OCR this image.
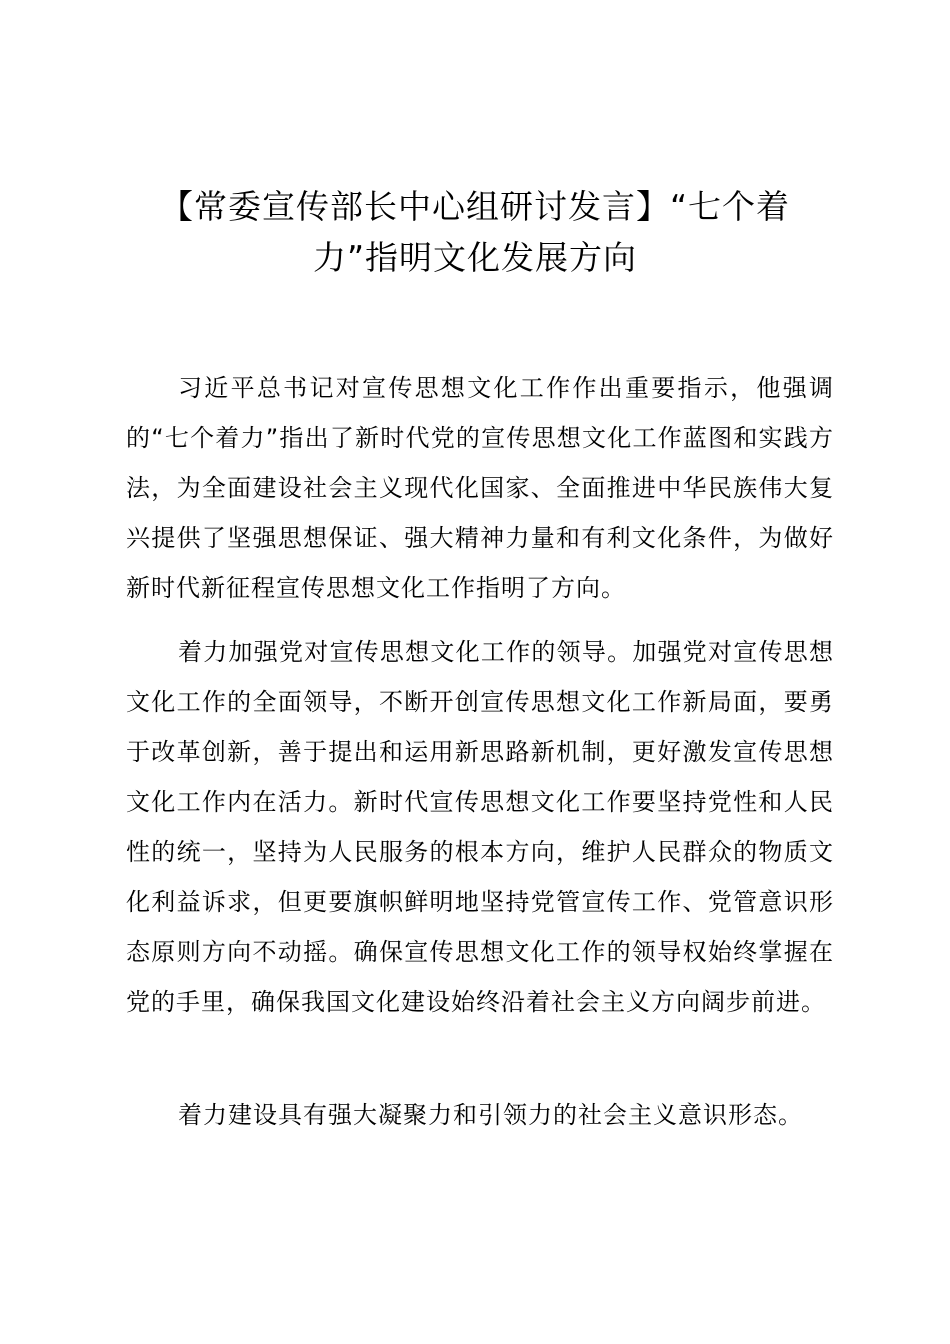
【常委宣传部长中心组研讨发言】“七个着
力”指明文化发展方向

习近平总书记对宣传思想文化工作作出重要指示，他强调的“七个着力”指出了新时代党的宣传思想文化工作蓝图和实践方法，为全面建设社会主义现代化国家、全面推进中华民族伟大复兴提供了坚强思想保证、强大精神力量和有利文化条件，为做好新时代新征程宣传思想文化工作指明了方向。

着力加强党对宣传思想文化工作的领导。加强党对宣传思想文化工作的全面领导，不断开创宣传思想文化工作新局面，要勇于改革创新，善于提出和运用新思路新机制，更好激发宣传思想文化工作内在活力。新时代宣传思想文化工作要坚持党性和人民性的统一，坚持为人民服务的根本方向，维护人民群众的物质文化利益诉求，但更要旗帜鲜明地坚持党管宣传工作、党管意识形态原则方向不动摇。确保宣传思想文化工作的领导权始终掌握在党的手里，确保我国文化建设始终沿着社会主义方向阔步前进。

着力建设具有强大凝聚力和引领力的社会主义意识形态。
